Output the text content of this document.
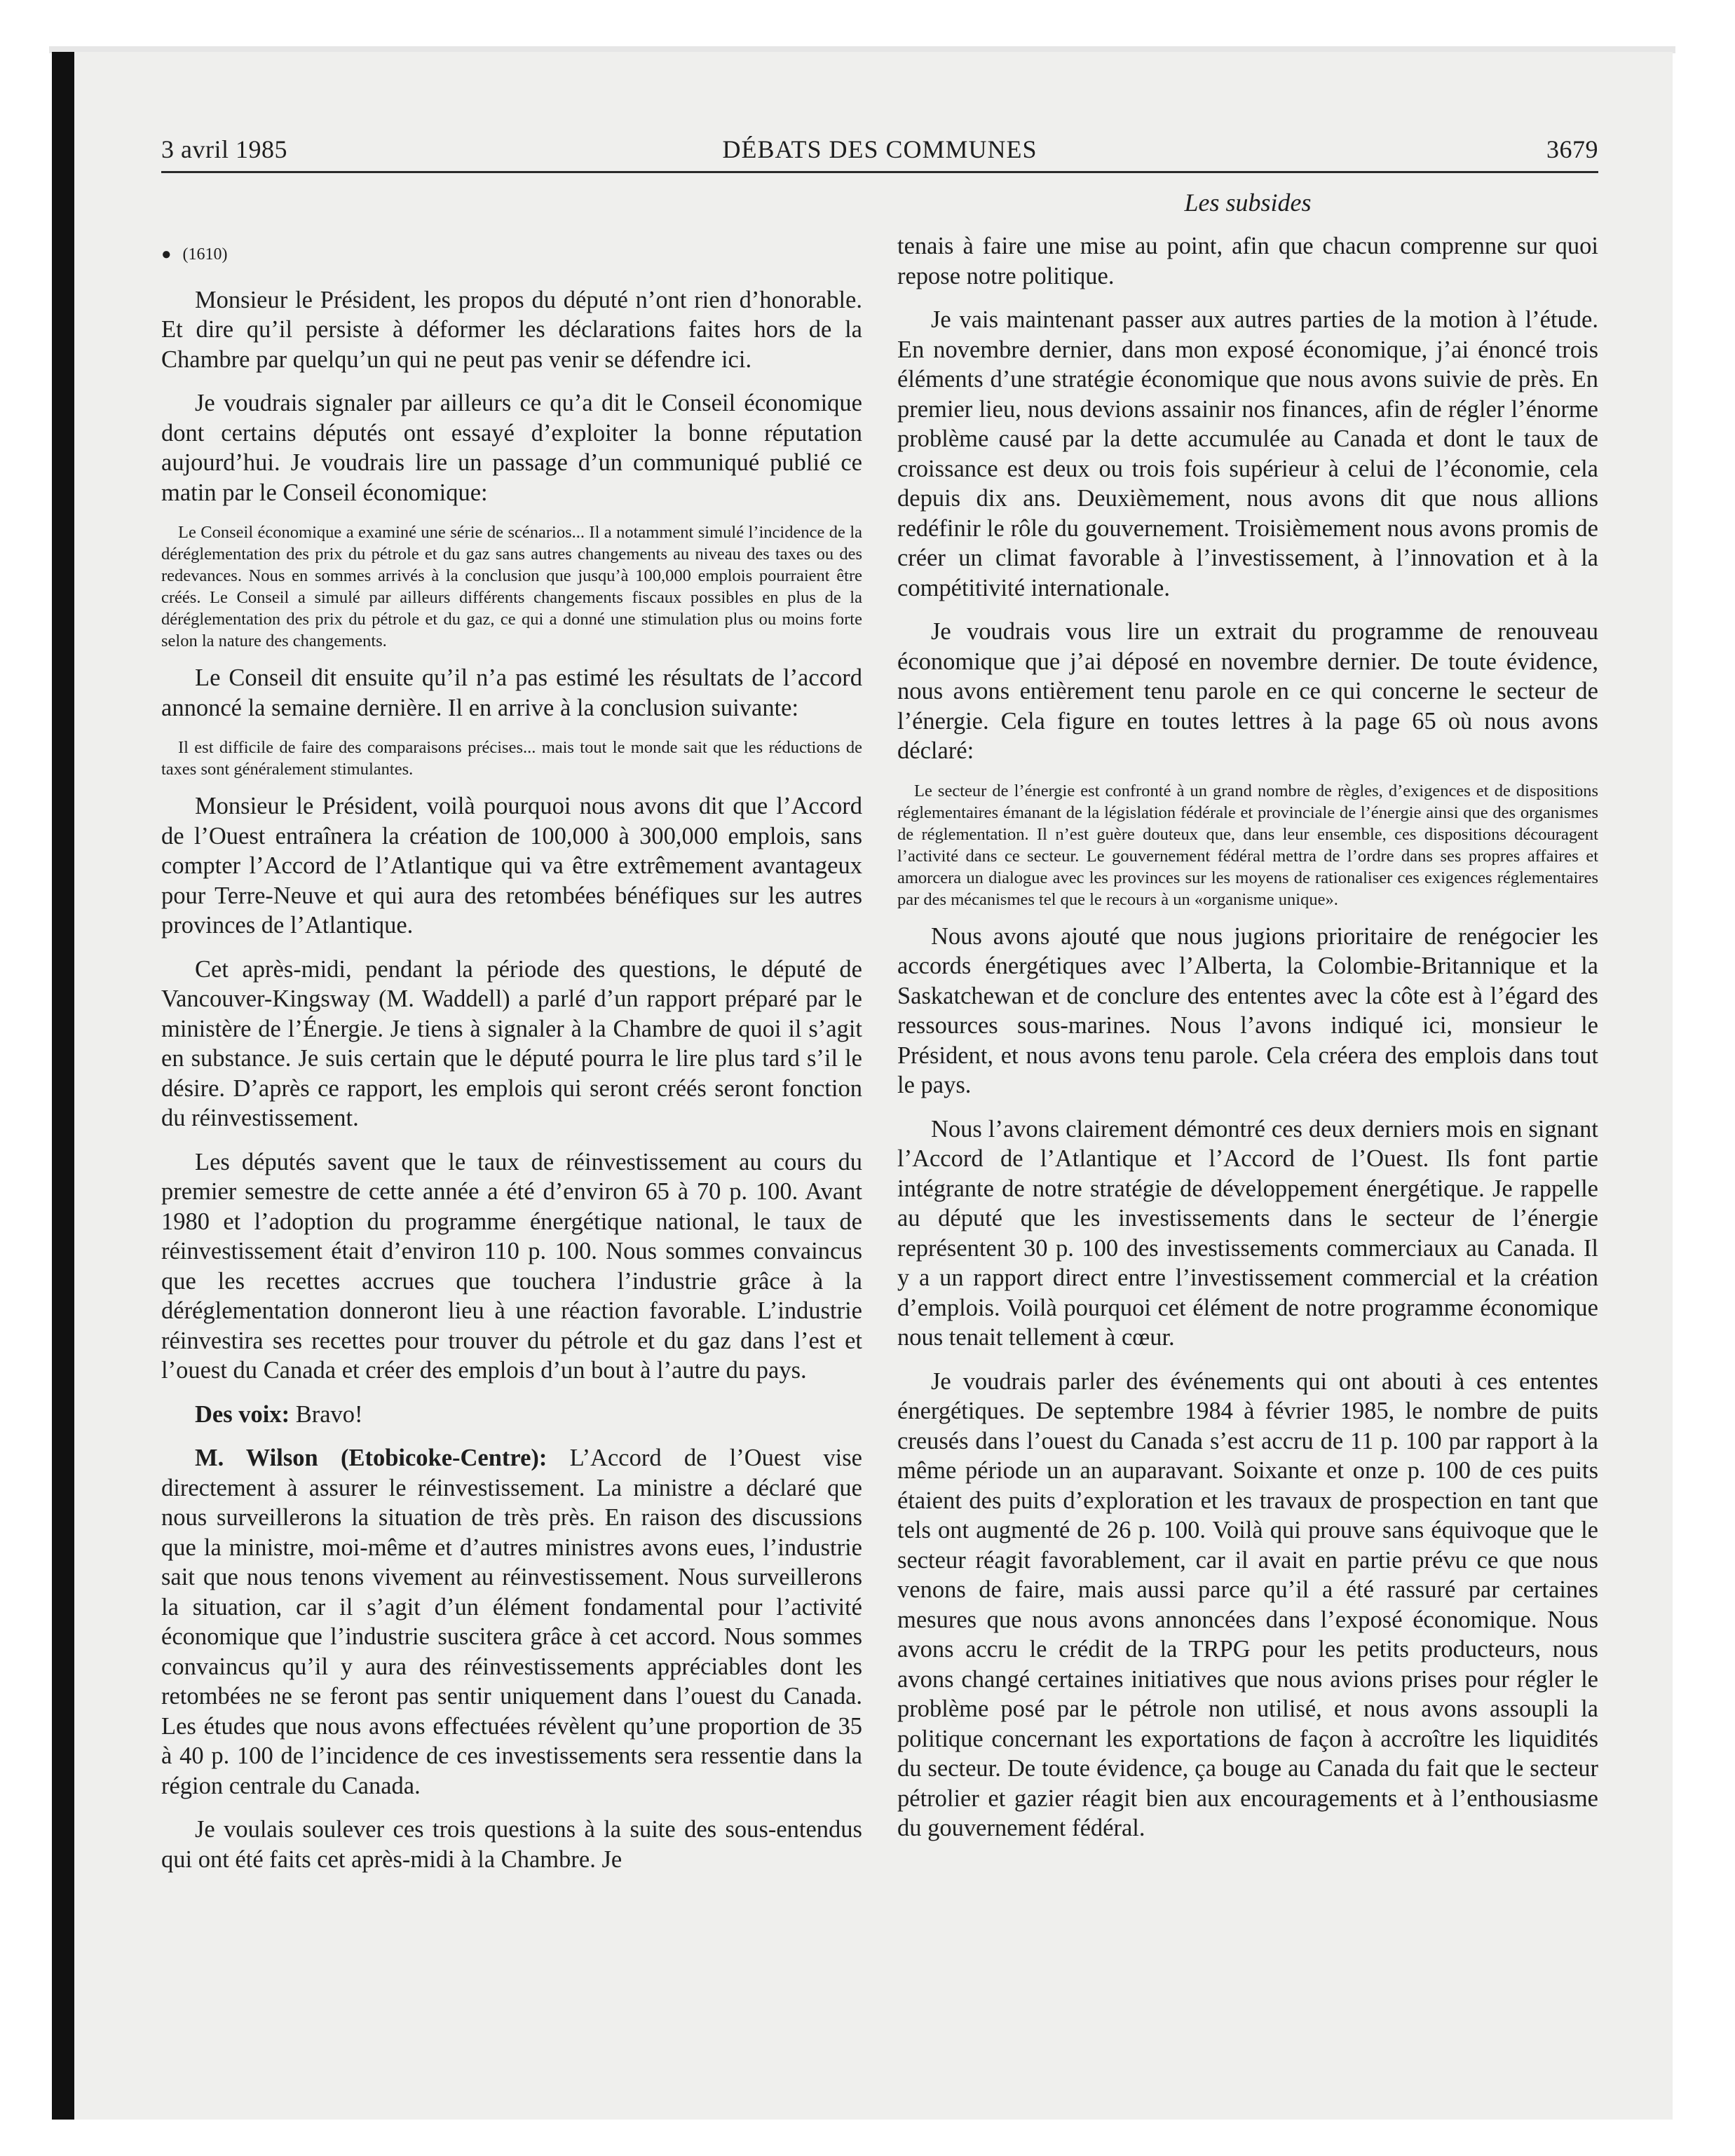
3 avril 1985	DÉBATS DES COMMUNES	3679
Les subsides
● (1610)

Monsieur le Président, les propos du député n’ont rien d’honorable. Et dire qu’il persiste à déformer les déclarations faites hors de la Chambre par quelqu’un qui ne peut pas venir se défendre ici.

Je voudrais signaler par ailleurs ce qu’a dit le Conseil économique dont certains députés ont essayé d’exploiter la bonne réputation aujourd’hui. Je voudrais lire un passage d’un communiqué publié ce matin par le Conseil économique:

Le Conseil économique a examiné une série de scénarios... Il a notamment simulé l’incidence de la déréglementation des prix du pétrole et du gaz sans autres changements au niveau des taxes ou des redevances. Nous en sommes arrivés à la conclusion que jusqu’à 100,000 emplois pourraient être créés. Le Conseil a simulé par ailleurs différents changements fiscaux possibles en plus de la déréglementation des prix du pétrole et du gaz, ce qui a donné une stimulation plus ou moins forte selon la nature des changements.

Le Conseil dit ensuite qu’il n’a pas estimé les résultats de l’accord annoncé la semaine dernière. Il en arrive à la conclusion suivante:

Il est difficile de faire des comparaisons précises... mais tout le monde sait que les réductions de taxes sont généralement stimulantes.

Monsieur le Président, voilà pourquoi nous avons dit que l’Accord de l’Ouest entraînera la création de 100,000 à 300,000 emplois, sans compter l’Accord de l’Atlantique qui va être extrêmement avantageux pour Terre-Neuve et qui aura des retombées bénéfiques sur les autres provinces de l’Atlantique.

Cet après-midi, pendant la période des questions, le député de Vancouver-Kingsway (M. Waddell) a parlé d’un rapport préparé par le ministère de l’Énergie. Je tiens à signaler à la Chambre de quoi il s’agit en substance. Je suis certain que le député pourra le lire plus tard s’il le désire. D’après ce rapport, les emplois qui seront créés seront fonction du réinvestissement.

Les députés savent que le taux de réinvestissement au cours du premier semestre de cette année a été d’environ 65 à 70 p. 100. Avant 1980 et l’adoption du programme énergétique national, le taux de réinvestissement était d’environ 110 p. 100. Nous sommes convaincus que les recettes accrues que touchera l’industrie grâce à la déréglementation donneront lieu à une réaction favorable. L’industrie réinvestira ses recettes pour trouver du pétrole et du gaz dans l’est et l’ouest du Canada et créer des emplois d’un bout à l’autre du pays.

Des voix: Bravo!

M. Wilson (Etobicoke-Centre): L’Accord de l’Ouest vise directement à assurer le réinvestissement. La ministre a déclaré que nous surveillerons la situation de très près. En raison des discussions que la ministre, moi-même et d’autres ministres avons eues, l’industrie sait que nous tenons vivement au réinvestissement. Nous surveillerons la situation, car il s’agit d’un élément fondamental pour l’activité économique que l’industrie suscitera grâce à cet accord. Nous sommes convaincus qu’il y aura des réinvestissements appréciables dont les retombées ne se feront pas sentir uniquement dans l’ouest du Canada. Les études que nous avons effectuées révèlent qu’une proportion de 35 à 40 p. 100 de l’incidence de ces investissements sera ressentie dans la région centrale du Canada.

Je voulais soulever ces trois questions à la suite des sous-entendus qui ont été faits cet après-midi à la Chambre. Je

tenais à faire une mise au point, afin que chacun comprenne sur quoi repose notre politique.

Je vais maintenant passer aux autres parties de la motion à l’étude. En novembre dernier, dans mon exposé économique, j’ai énoncé trois éléments d’une stratégie économique que nous avons suivie de près. En premier lieu, nous devions assainir nos finances, afin de régler l’énorme problème causé par la dette accumulée au Canada et dont le taux de croissance est deux ou trois fois supérieur à celui de l’économie, cela depuis dix ans. Deuxièmement, nous avons dit que nous allions redéfinir le rôle du gouvernement. Troisièmement nous avons promis de créer un climat favorable à l’investissement, à l’innovation et à la compétitivité internationale.

Je voudrais vous lire un extrait du programme de renouveau économique que j’ai déposé en novembre dernier. De toute évidence, nous avons entièrement tenu parole en ce qui concerne le secteur de l’énergie. Cela figure en toutes lettres à la page 65 où nous avons déclaré:

Le secteur de l’énergie est confronté à un grand nombre de règles, d’exigences et de dispositions réglementaires émanant de la législation fédérale et provinciale de l’énergie ainsi que des organismes de réglementation. Il n’est guère douteux que, dans leur ensemble, ces dispositions découragent l’activité dans ce secteur. Le gouvernement fédéral mettra de l’ordre dans ses propres affaires et amorcera un dialogue avec les provinces sur les moyens de rationaliser ces exigences réglementaires par des mécanismes tel que le recours à un «organisme unique».

Nous avons ajouté que nous jugions prioritaire de renégocier les accords énergétiques avec l’Alberta, la Colombie-Britannique et la Saskatchewan et de conclure des ententes avec la côte est à l’égard des ressources sous-marines. Nous l’avons indiqué ici, monsieur le Président, et nous avons tenu parole. Cela créera des emplois dans tout le pays.

Nous l’avons clairement démontré ces deux derniers mois en signant l’Accord de l’Atlantique et l’Accord de l’Ouest. Ils font partie intégrante de notre stratégie de développement énergétique. Je rappelle au député que les investissements dans le secteur de l’énergie représentent 30 p. 100 des investissements commerciaux au Canada. Il y a un rapport direct entre l’investissement commercial et la création d’emplois. Voilà pourquoi cet élément de notre programme économique nous tenait tellement à cœur.

Je voudrais parler des événements qui ont abouti à ces ententes énergétiques. De septembre 1984 à février 1985, le nombre de puits creusés dans l’ouest du Canada s’est accru de 11 p. 100 par rapport à la même période un an auparavant. Soixante et onze p. 100 de ces puits étaient des puits d’exploration et les travaux de prospection en tant que tels ont augmenté de 26 p. 100. Voilà qui prouve sans équivoque que le secteur réagit favorablement, car il avait en partie prévu ce que nous venons de faire, mais aussi parce qu’il a été rassuré par certaines mesures que nous avons annoncées dans l’exposé économique. Nous avons accru le crédit de la TRPG pour les petits producteurs, nous avons changé certaines initiatives que nous avions prises pour régler le problème posé par le pétrole non utilisé, et nous avons assoupli la politique concernant les exportations de façon à accroître les liquidités du secteur. De toute évidence, ça bouge au Canada du fait que le secteur pétrolier et gazier réagit bien aux encouragements et à l’enthousiasme du gouvernement fédéral.
